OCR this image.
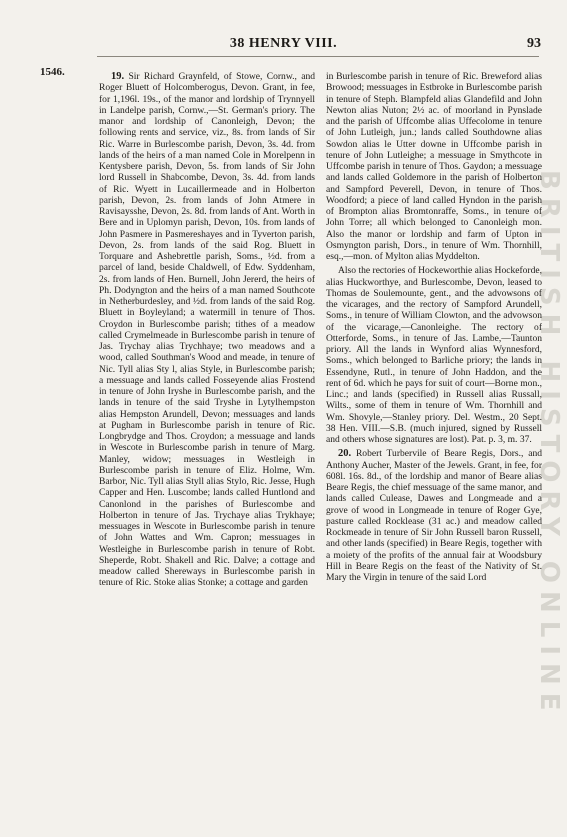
38 HENRY VIII.	93
1546.	19. Sir Richard Graynfeld, of Stowe, Cornw., and Roger Bluett of Holcomberogus, Devon. Grant, in fee, for 1,196l. 19s., of the manor and lordship of Trynnyell in Landelpe parish, Cornw.,—St. German's priory. The manor and lordship of Canonleigh, Devon; the following rents and service, viz., 8s. from lands of Sir Ric. Warre in Burlescombe parish, Devon, 3s. 4d. from lands of the heirs of a man named Cole in Morelpenn in Kentysbere parish, Devon, 5s. from lands of Sir John lord Russell in Shabcombe, Devon, 3s. 4d. from lands of Ric. Wyett in Lucaillermeade and in Holberton parish, Devon, 2s. from lands of John Atmere in Ravisaysshe, Devon, 2s. 8d. from lands of Ant. Worth in Bere and in Uplomyn parish, Devon, 10s. from lands of John Pasmere in Pasmereshayes and in Tyverton parish, Devon, 2s. from lands of the said Rog. Bluett in Torquare and Ashebrettle parish, Soms., ½d. from a parcel of land, beside Chaldwell, of Edw. Syddenham, 2s. from lands of Hen. Burnell, John Jererd, the heirs of Ph. Dodyngton and the heirs of a man named Southcote in Netherburdesley, and ½d. from lands of the said Rog. Bluett in Boyleyland; a watermill in tenure of Thos. Croydon in Burlescombe parish; tithes of a meadow called Crymelmeade in Burlescombe parish in tenure of Jas. Trychay alias Trychhaye; two meadows and a wood, called Southman's Wood and meade, in tenure of Nic. Tyll alias Sty l, alias Style, in Burlescombe parish; a messuage and lands called Fosseyende alias Frostend in tenure of John Iryshe in Burlescombe parish, and the lands in tenure of the said Tryshe in Lytylhempston alias Hempston Arundell, Devon; messuages and lands at Pugham in Burlescombe parish in tenure of Ric. Longbrydge and Thos. Croydon; a messuage and lands in Wescote in Burlescombe parish in tenure of Marg. Manley, widow; messuages in Westleigh in Burlescombe parish in tenure of Eliz. Holme, Wm. Barbor, Nic. Tyll alias Styll alias Stylo, Ric. Jesse, Hugh Capper and Hen. Luscombe; lands called Huntlond and Canonlond in the parishes of Burlescombe and Holberton in tenure of Jas. Trychaye alias Trykhaye; messuages in Wescote in Burlescombe parish in tenure of John Wattes and Wm. Capron; messuages in Westleighe in Burlescombe parish in tenure of Robt. Sheperde, Robt. Shakell and Ric. Dalve; a cottage and meadow called Shereways in Burlescombe parish in tenure of Ric. Stoke alias Stonke; a cottage and garden

in Burlescombe parish in tenure of Ric. Breweford alias Browood; messuages in Estbroke in Burlescombe parish in tenure of Steph. Blampfeld alias Glandefild and John Newton alias Nuton; 2½ ac. of moorland in Pynslade and the parish of Uffcombe alias Uffecolome in tenure of John Lutleigh, jun.; lands called Southdowne alias Sowdon alias le Utter downe in Uffcombe parish in tenure of John Lutleighe; a messuage in Smythcote in Uffcombe parish in tenure of Thos. Gaydon; a messuage and lands called Goldemore in the parish of Holberton and Sampford Peverell, Devon, in tenure of Thos. Woodford; a piece of land called Hyndon in the parish of Brompton alias Bromtonraffe, Soms., in tenure of John Torre; all which belonged to Canonleigh mon. Also the manor or lordship and farm of Upton in Osmyngton parish, Dors., in tenure of Wm. Thornhill, esq.,—mon. of Mylton alias Myddelton.

Also the rectories of Hockeworthie alias Hockeforde, alias Huckworthye, and Burlescombe, Devon, leased to Thomas de Soulemounte, gent., and the advowsons of the vicarages, and the rectory of Sampford Arundell, Soms., in tenure of William Clowton, and the advowson of the vicarage,—Canonleighe. The rectory of Otterforde, Soms., in tenure of Jas. Lambe,—Taunton priory. All the lands in Wynford alias Wynnesford, Soms., which belonged to Barliche priory; the lands in Essendyne, Rutl., in tenure of John Haddon, and the rent of 6d. which he pays for suit of court—Borne mon., Linc.; and lands (specified) in Russell alias Russall, Wilts., some of them in tenure of Wm. Thornhill and Wm. Shovyle,—Stanley priory. Del. Westm., 20 Sept. 38 Hen. VIII.—S.B. (much injured, signed by Russell and others whose signatures are lost). Pat. p. 3, m. 37.

20. Robert Turbervile of Beare Regis, Dors., and Anthony Aucher, Master of the Jewels. Grant, in fee, for 608l. 16s. 8d., of the lordship and manor of Beare alias Beare Regis, the chief messuage of the same manor, and lands called Culease, Dawes and Longmeade and a grove of wood in Longmeade in tenure of Roger Gye, pasture called Rocklease (31 ac.) and meadow called Rockmeade in tenure of Sir John Russell baron Russell, and other lands (specified) in Beare Regis, together with a moiety of the profits of the annual fair at Woodsbury Hill in Beare Regis on the feast of the Nativity of St. Mary the Virgin in tenure of the said Lord	BRITISH HISTORY ONLINE
